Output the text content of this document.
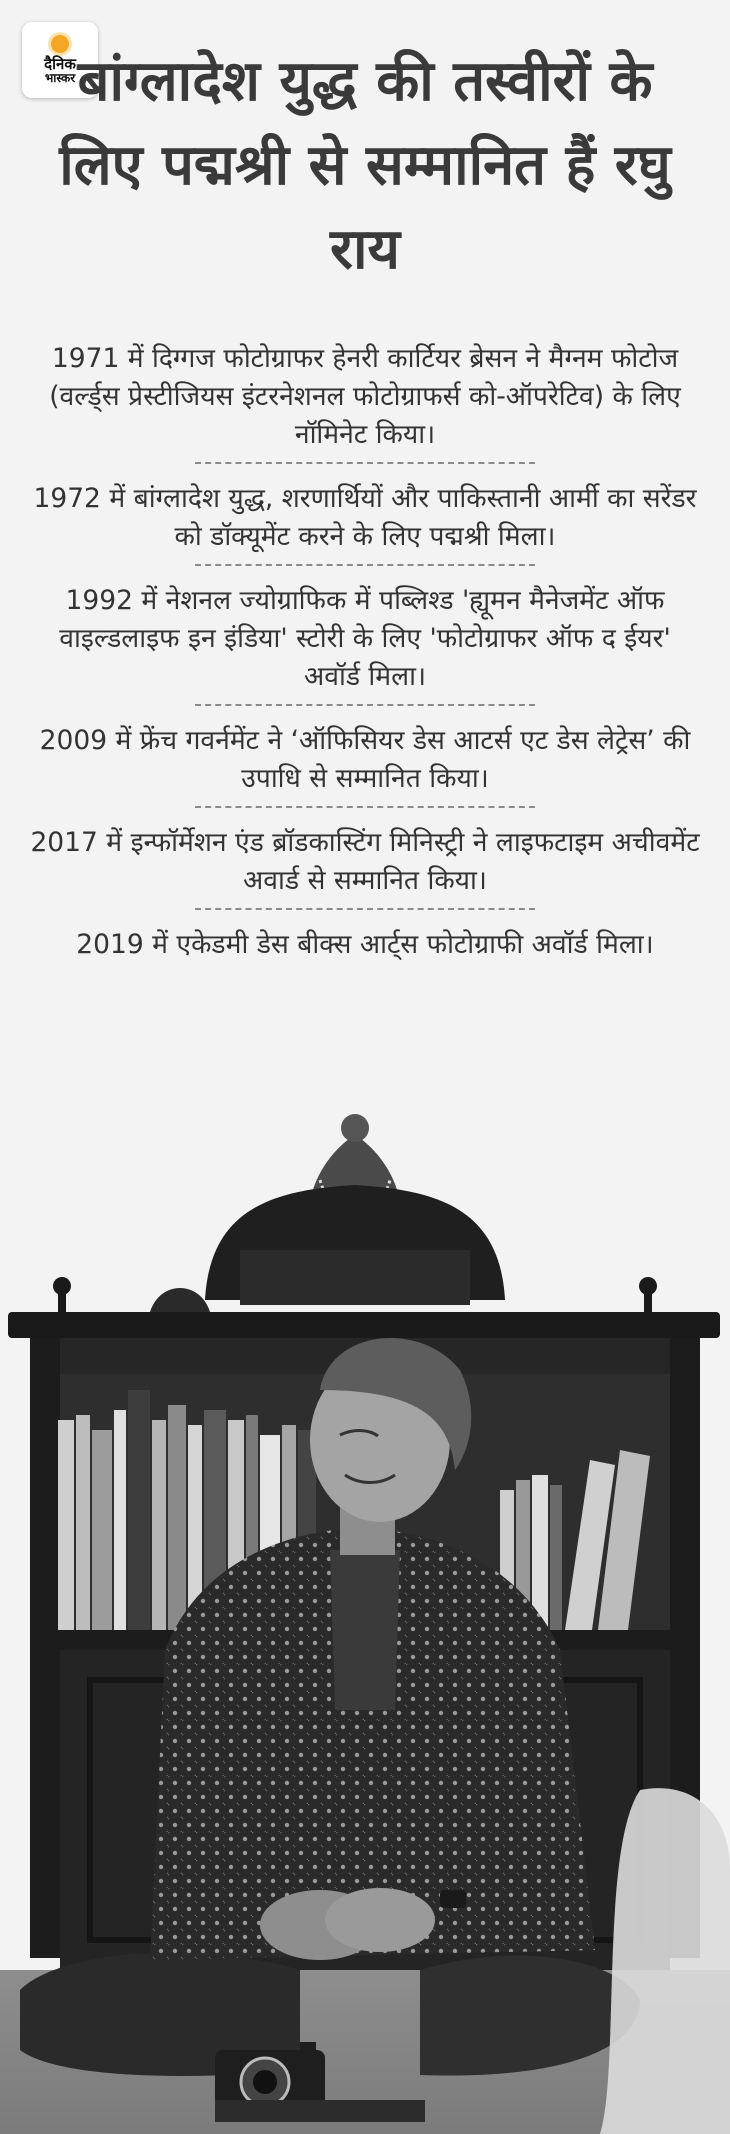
दैनिक
भास्कर बांग्लादेश युद्ध की तस्वीरों के लिए पद्मश्री से सम्मानित हैं रघु राय

1971 में दिग्गज फोटोग्राफर हेनरी कार्टियर ब्रेसन ने मैग्नम फोटोज (वर्ल्ड्स प्रेस्टीजियस इंटरनेशनल फोटोग्राफर्स को-ऑपरेटिव) के लिए नॉमिनेट किया।

1972 में बांग्लादेश युद्ध, शरणार्थियों और पाकिस्तानी आर्मी का सरेंडर को डॉक्यूमेंट करने के लिए पद्मश्री मिला।

1992 में नेशनल ज्योग्राफिक में पब्लिश्ड 'ह्यूमन मैनेजमेंट ऑफ वाइल्डलाइफ इन इंडिया' स्टोरी के लिए 'फोटोग्राफर ऑफ द ईयर' अवॉर्ड मिला।

2009 में फ्रेंच गवर्नमेंट ने ‘ऑफिसियर डेस आटर्स एट डेस लेट्रेस’ की उपाधि से सम्मानित किया।

2017 में इन्फॉर्मेशन एंड ब्रॉडकास्टिंग मिनिस्ट्री ने लाइफटाइम अचीवमेंट अवार्ड से सम्मानित किया।

2019 में एकेडमी डेस बीक्स आर्ट्स फोटोग्राफी अवॉर्ड मिला।
